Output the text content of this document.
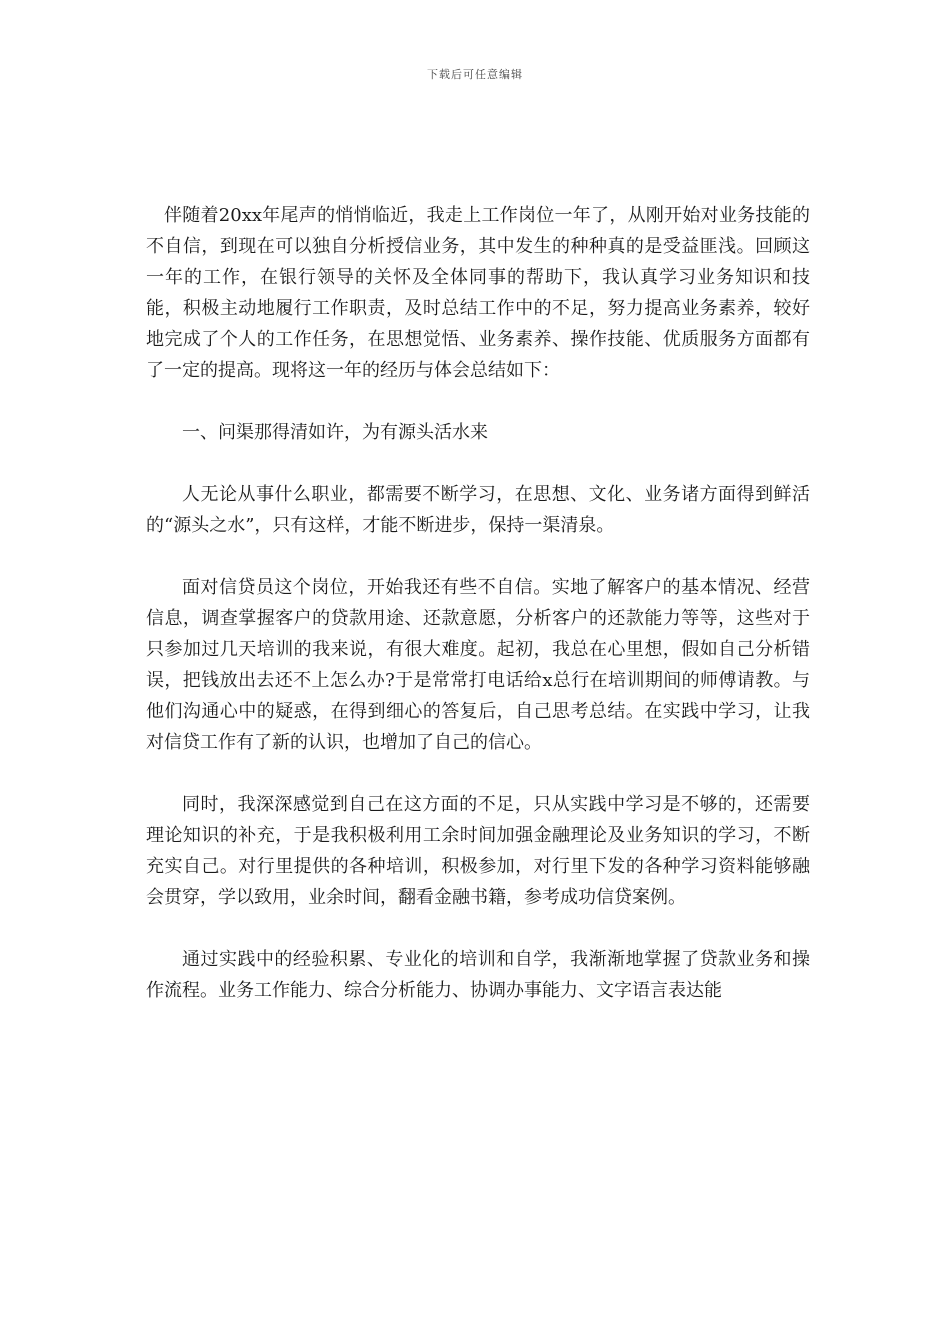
下载后可任意编辑

伴随着20xx年尾声的悄悄临近，我走上工作岗位一年了，从刚开始对业务技能的不自信，到现在可以独自分析授信业务，其中发生的种种真的是受益匪浅。回顾这一年的工作，在银行领导的关怀及全体同事的帮助下，我认真学习业务知识和技能，积极主动地履行工作职责，及时总结工作中的不足，努力提高业务素养，较好地完成了个人的工作任务，在思想觉悟、业务素养、操作技能、优质服务方面都有了一定的提高。现将这一年的经历与体会总结如下：

一、问渠那得清如许，为有源头活水来

人无论从事什么职业，都需要不断学习，在思想、文化、业务诸方面得到鲜活的“源头之水”，只有这样，才能不断进步，保持一渠清泉。

面对信贷员这个岗位，开始我还有些不自信。实地了解客户的基本情况、经营信息，调查掌握客户的贷款用途、还款意愿，分析客户的还款能力等等，这些对于只参加过几天培训的我来说，有很大难度。起初，我总在心里想，假如自己分析错误，把钱放出去还不上怎么办?于是常常打电话给x总行在培训期间的师傅请教。与他们沟通心中的疑惑，在得到细心的答复后，自己思考总结。在实践中学习，让我对信贷工作有了新的认识，也增加了自己的信心。

同时，我深深感觉到自己在这方面的不足，只从实践中学习是不够的，还需要理论知识的补充，于是我积极利用工余时间加强金融理论及业务知识的学习，不断充实自己。对行里提供的各种培训，积极参加，对行里下发的各种学习资料能够融会贯穿，学以致用，业余时间，翻看金融书籍，参考成功信贷案例。

通过实践中的经验积累、专业化的培训和自学，我渐渐地掌握了贷款业务和操作流程。业务工作能力、综合分析能力、协调办事能力、文字语言表达能
